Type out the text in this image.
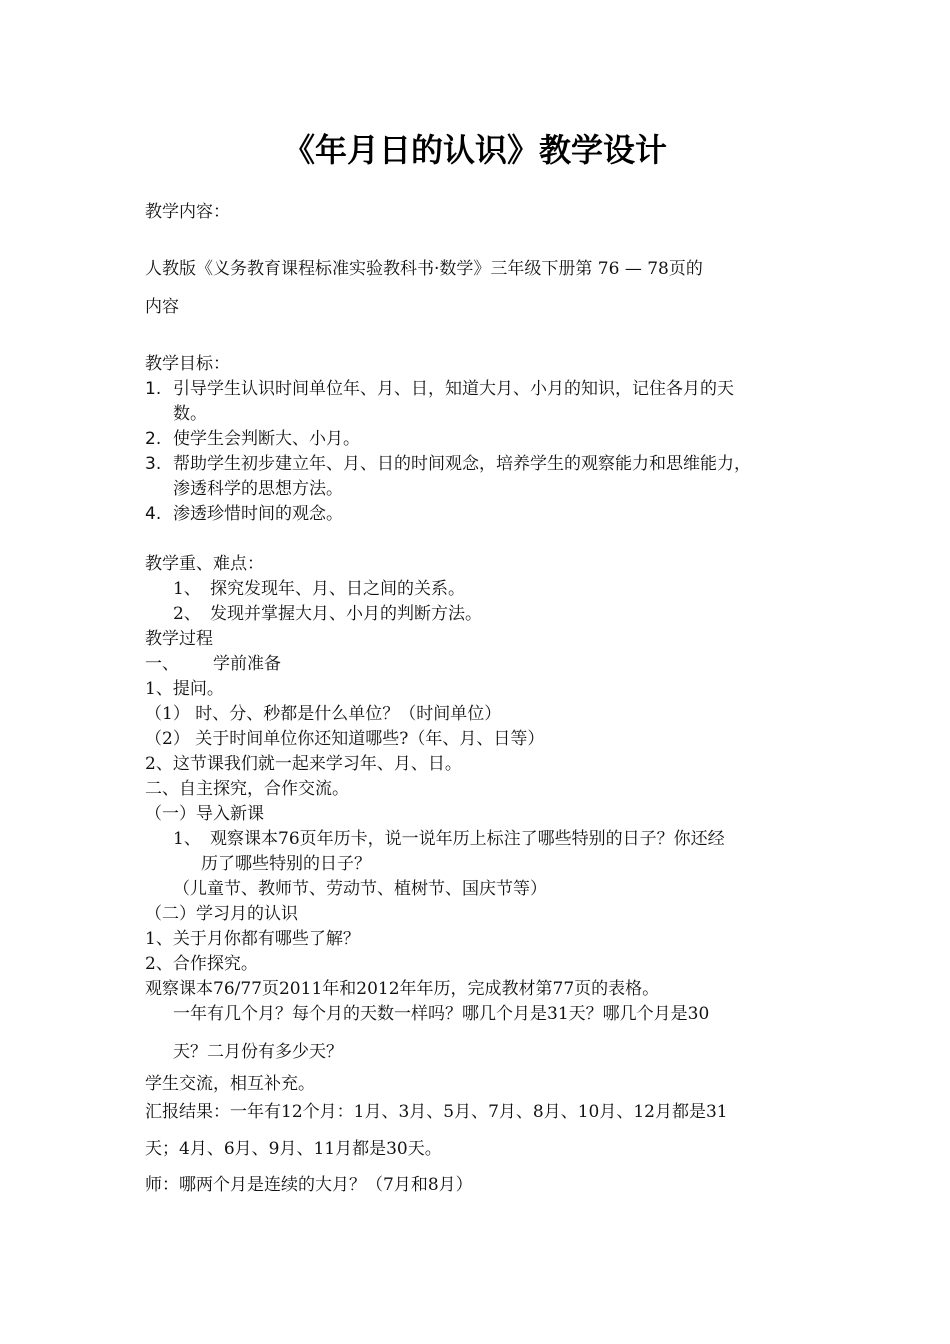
《年月日的认识》教学设计
教学内容：
人教版《义务教育课程标准实验教科书·数学》三年级下册第 76 — 78页的
内容
教学目标：
1. 引导学生认识时间单位年、月、日，知道大月、小月的知识，记住各月的天
数。
2. 使学生会判断大、小月。
3. 帮助学生初步建立年、月、日的时间观念，培养学生的观察能力和思维能力，
渗透科学的思想方法。
4. 渗透珍惜时间的观念。
教学重、难点：
1、 探究发现年、月、日之间的关系。
2、 发现并掌握大月、小月的判断方法。
教学过程
一、 学前准备
1、提问。
（1） 时、分、秒都是什么单位？（时间单位）
（2） 关于时间单位你还知道哪些?（年、月、日等）
2、这节课我们就一起来学习年、月、日。
二、自主探究，合作交流。
（一）导入新课
1、 观察课本76页年历卡，说一说年历上标注了哪些特别的日子？你还经
历了哪些特别的日子？
（儿童节、教师节、劳动节、植树节、国庆节等）
（二）学习月的认识
1、关于月你都有哪些了解？
2、合作探究。
观察课本76/77页2011年和2012年年历，完成教材第77页的表格。
一年有几个月？每个月的天数一样吗？哪几个月是31天？哪几个月是30
天？二月份有多少天？
学生交流，相互补充。
汇报结果：一年有12个月：1月、3月、5月、7月、8月、10月、12月都是31
天；4月、6月、9月、11月都是30天。
师：哪两个月是连续的大月？（7月和8月）
